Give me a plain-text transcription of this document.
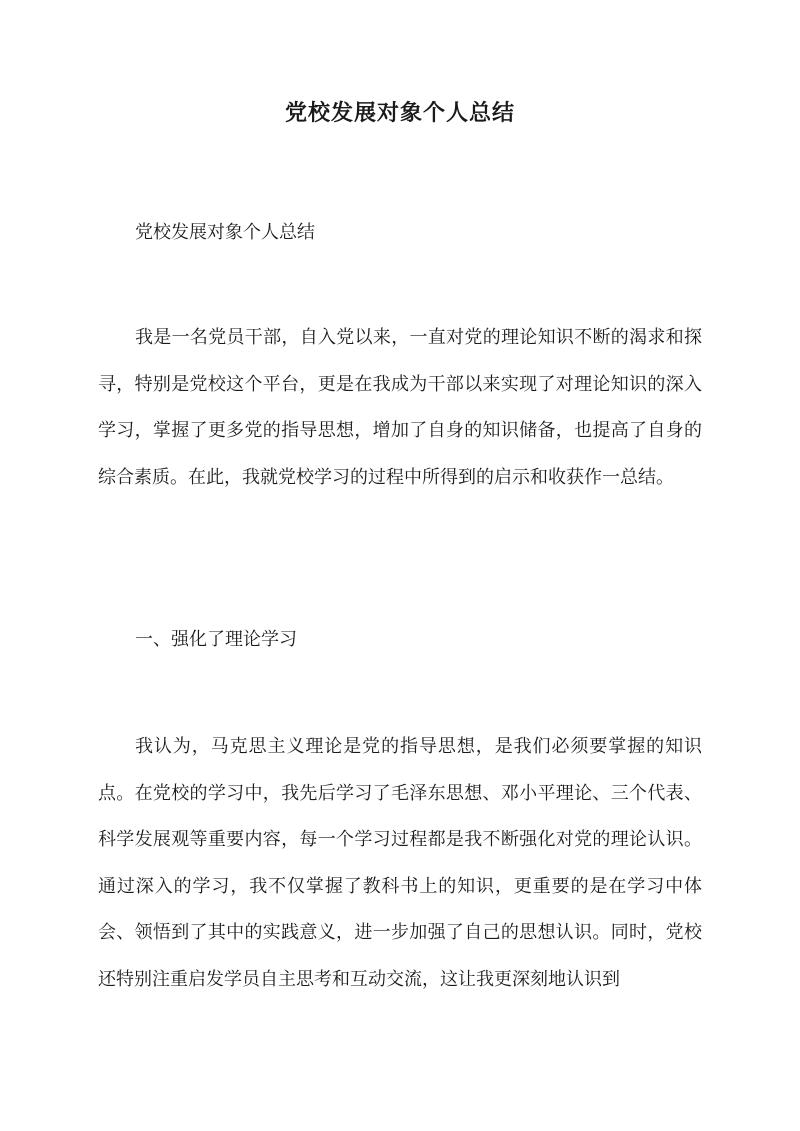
党校发展对象个人总结

党校发展对象个人总结

我是一名党员干部，自入党以来，一直对党的理论知识不断的渴求和探寻，特别是党校这个平台，更是在我成为干部以来实现了对理论知识的深入学习，掌握了更多党的指导思想，增加了自身的知识储备，也提高了自身的综合素质。在此，我就党校学习的过程中所得到的启示和收获作一总结。

一、强化了理论学习

我认为，马克思主义理论是党的指导思想，是我们必须要掌握的知识点。在党校的学习中，我先后学习了毛泽东思想、邓小平理论、三个代表、科学发展观等重要内容，每一个学习过程都是我不断强化对党的理论认识。通过深入的学习，我不仅掌握了教科书上的知识，更重要的是在学习中体会、领悟到了其中的实践意义，进一步加强了自己的思想认识。同时，党校还特别注重启发学员自主思考和互动交流，这让我更深刻地认识到
